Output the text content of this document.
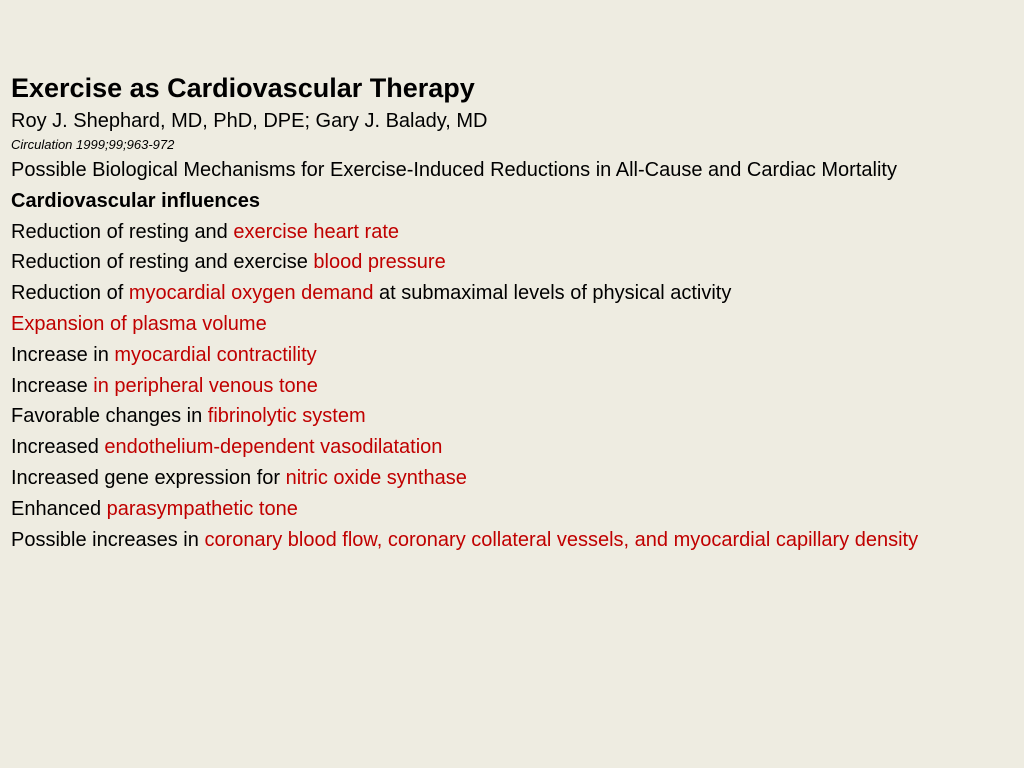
Exercise as Cardiovascular Therapy

Roy J. Shephard, MD, PhD, DPE; Gary J. Balady, MD

Circulation 1999;99;963-972

Possible Biological Mechanisms for Exercise-Induced Reductions in All-Cause and Cardiac Mortality

Cardiovascular influences

Reduction of resting and exercise heart rate

Reduction of resting and exercise blood pressure

Reduction of myocardial oxygen demand at submaximal levels of physical activity

Expansion of plasma volume

Increase in myocardial contractility

Increase in peripheral venous tone

Favorable changes in fibrinolytic system

Increased endothelium-dependent vasodilatation

Increased gene expression for nitric oxide synthase

Enhanced parasympathetic tone

Possible increases in coronary blood flow, coronary collateral vessels, and myocardial capillary density
